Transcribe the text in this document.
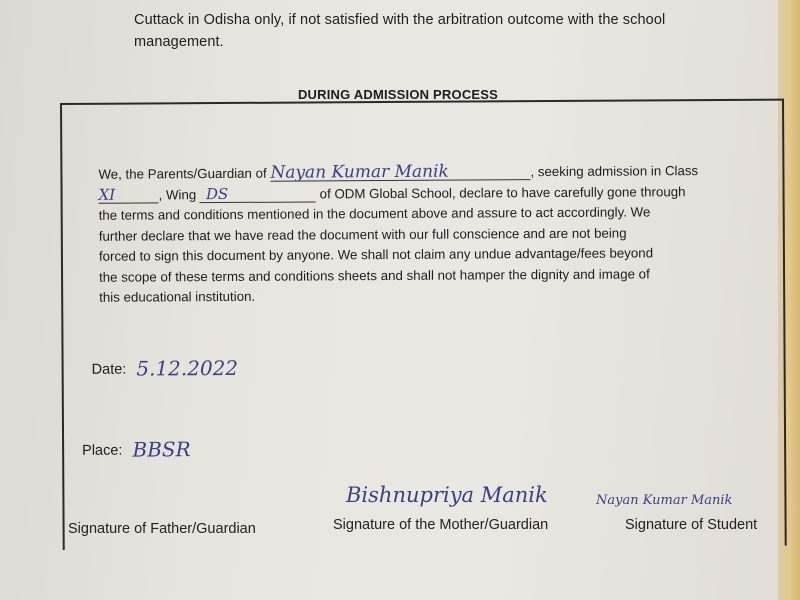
Cuttack in Odisha only, if not satisfied with the arbitration outcome with the school
management.
DURING ADMISSION PROCESS
We, the Parents/Guardian of Nayan Kumar Manik	, seeking admission in Class
XI	, Wing DS	of ODM Global School, declare to have carefully gone through
the terms and conditions mentioned in the document above and assure to act accordingly. We
further declare that we have read the document with our full conscience and are not being
forced to sign this document by anyone. We shall not claim any undue advantage/fees beyond
the scope of these terms and conditions sheets and shall not hamper the dignity and image of
this educational institution.
Date: 5.12.2022
Place: BBSR
Bishnupriya Manik	Nayan Kumar Manik
Signature of Father/Guardian	Signature of the Mother/Guardian	Signature of Student
